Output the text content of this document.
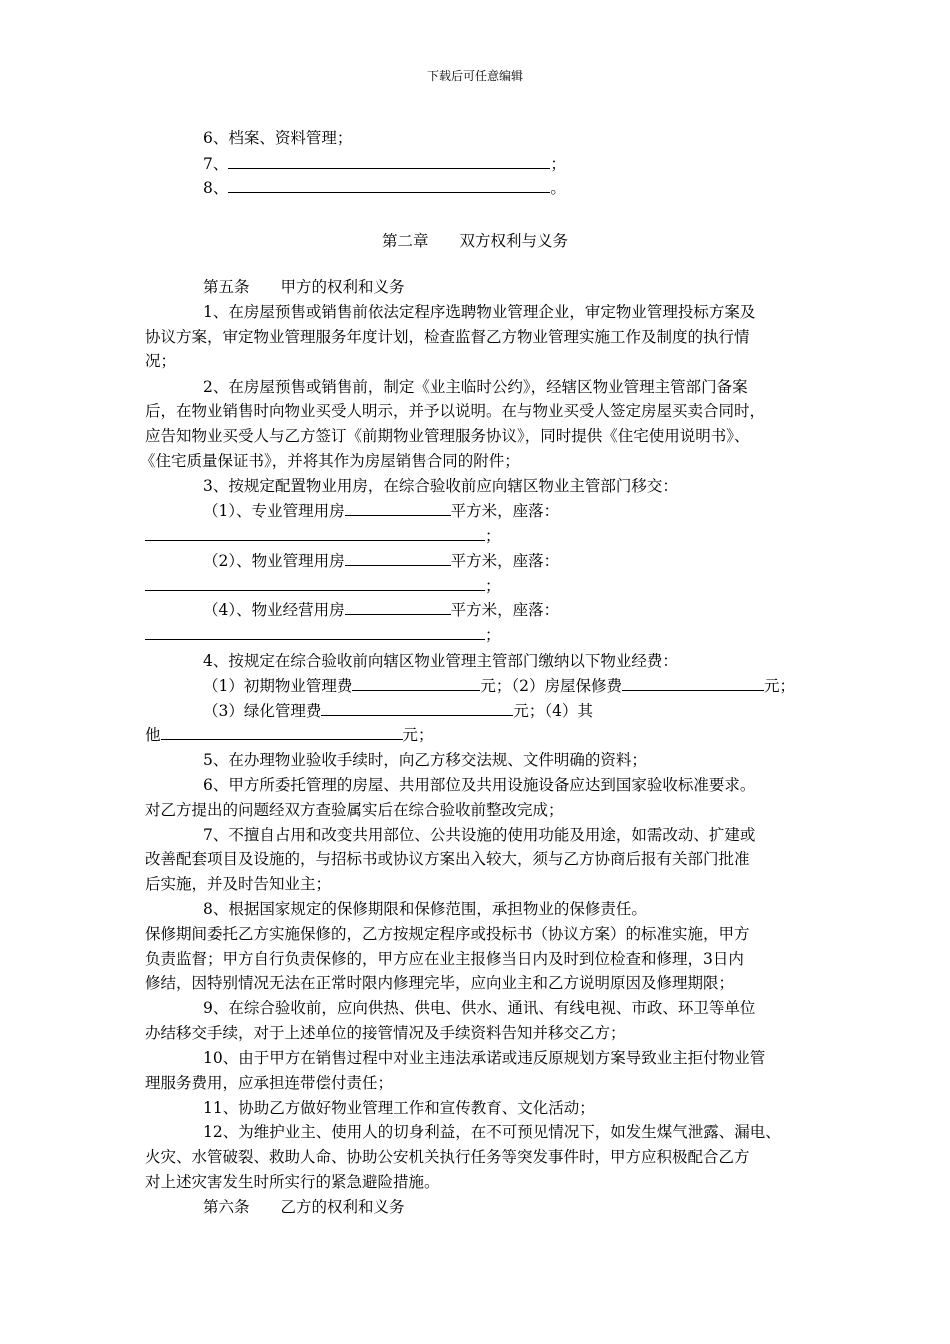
下载后可任意编辑
6、档案、资料管理；
7、	；
8、	。
第二章　　双方权利与义务
第五条　　甲方的权利和义务
1、在房屋预售或销售前依法定程序选聘物业管理企业，审定物业管理投标方案及
协议方案，审定物业管理服务年度计划，检查监督乙方物业管理实施工作及制度的执行情
况；
2、在房屋预售或销售前，制定《业主临时公约》，经辖区物业管理主管部门备案
后，在物业销售时向物业买受人明示，并予以说明。在与物业买受人签定房屋买卖合同时，
应告知物业买受人与乙方签订《前期物业管理服务协议》，同时提供《住宅使用说明书》、
《住宅质量保证书》，并将其作为房屋销售合同的附件；
3、按规定配置物业用房，在综合验收前应向辖区物业主管部门移交：
（1）、专业管理用房	平方米，座落：
；
（2）、物业管理用房	平方米，座落：
；
（4）、物业经营用房	平方米，座落：
；
4、按规定在综合验收前向辖区物业管理主管部门缴纳以下物业经费：
（1）初期物业管理费	元；（2）房屋保修费	元；
（3）绿化管理费	元；（4）其
他	元；
5、在办理物业验收手续时，向乙方移交法规、文件明确的资料；
6、甲方所委托管理的房屋、共用部位及共用设施设备应达到国家验收标准要求。
对乙方提出的问题经双方查验属实后在综合验收前整改完成；
7、不擅自占用和改变共用部位、公共设施的使用功能及用途，如需改动、扩建或
改善配套项目及设施的，与招标书或协议方案出入较大，须与乙方协商后报有关部门批准
后实施，并及时告知业主；
8、根据国家规定的保修期限和保修范围，承担物业的保修责任。
保修期间委托乙方实施保修的，乙方按规定程序或投标书（协议方案）的标准实施，甲方
负责监督；甲方自行负责保修的，甲方应在业主报修当日内及时到位检查和修理，3日内
修结，因特别情况无法在正常时限内修理完毕，应向业主和乙方说明原因及修理期限；
9、在综合验收前，应向供热、供电、供水、通讯、有线电视、市政、环卫等单位
办结移交手续，对于上述单位的接管情况及手续资料告知并移交乙方；
10、由于甲方在销售过程中对业主违法承诺或违反原规划方案导致业主拒付物业管
理服务费用，应承担连带偿付责任；
11、协助乙方做好物业管理工作和宣传教育、文化活动；
12、为维护业主、使用人的切身利益，在不可预见情况下，如发生煤气泄露、漏电、
火灾、水管破裂、救助人命、协助公安机关执行任务等突发事件时，甲方应积极配合乙方
对上述灾害发生时所实行的紧急避险措施。
第六条　　乙方的权利和义务
